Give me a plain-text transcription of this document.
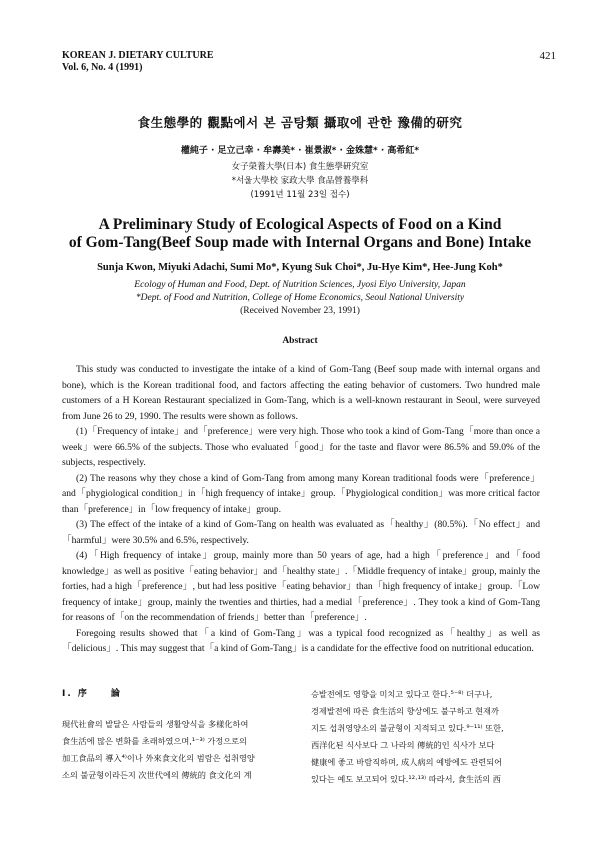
KOREAN J. DIETARY CULTURE
Vol. 6, No. 4 (1991)
421
食生態學的 觀點에서 본 곰탕類 攝取에 관한 豫備的研究
權純子 · 足立己幸 · 牟壽美* · 崔景淑* · 金姝慧* · 高希紅*
女子榮養大學(日本) 食生態學硏究室
*서울大學校 家政大學 食品營養學科
(1991년 11월 23일 접수)
A Preliminary Study of Ecological Aspects of Food on a Kind
of Gom-Tang(Beef Soup made with Internal Organs and Bone) Intake
Sunja Kwon, Miyuki Adachi, Sumi Mo*, Kyung Suk Choi*, Ju-Hye Kim*, Hee-Jung Koh*
Ecology of Human and Food, Dept. of Nutrition Sciences, Jyosi Eiyo University, Japan
*Dept. of Food and Nutrition, College of Home Economics, Seoul National University
(Received November 23, 1991)
Abstract

This study was conducted to investigate the intake of a kind of Gom-Tang (Beef soup made with internal organs and bone), which is the Korean traditional food, and factors affecting the eating behavior of customers. Two hundred male customers of a H Korean Restaurant specialized in Gom-Tang, which is a well-known restaurant in Seoul, were surveyed from June 26 to 29, 1990. The results were shown as follows.

(1)「Frequency of intake」and「preference」were very high. Those who took a kind of Gom-Tang「more than once a week」were 66.5% of the subjects. Those who evaluated「good」for the taste and flavor were 86.5% and 59.0% of the subjects, respectively.

(2) The reasons why they chose a kind of Gom-Tang from among many Korean traditional foods were「preference」and「phygiological condition」in「high frequency of intake」group.「Phygiological condition」was more critical factor than「preference」in「low frequency of intake」group.

(3) The effect of the intake of a kind of Gom-Tang on health was evaluated as「healthy」(80.5%).「No effect」and「harmful」were 30.5% and 6.5%, respectively.

(4)「High frequency of intake」group, mainly more than 50 years of age, had a high「preference」and「food knowledge」as well as positive「eating behavior」and「healthy state」.「Middle frequency of intake」group, mainly the forties, had a high「preference」, but had less positive「eating behavior」than「high frequency of intake」group.「Low frequency of intake」group, mainly the twenties and thirties, had a medial「preference」. They took a kind of Gom-Tang for reasons of「on the recommendation of friends」better than「preference」.

Foregoing results showed that「a kind of Gom-Tang」was a typical food recognized as「healthy」as well as「delicious」. This may suggest that「a kind of Gom-Tang」is a candidate for the effective food on nutritional education.

I. 序　　論

現代社會의 발달은 사람들의 생활양식을 多樣化하여
食生活에 많은 변화를 초래하였으며,¹⁻³⁾ 가정으로의
加工食品의 導入⁴⁾이나 外來食文化의 범람은 섭취영양
소의 불균형이라든지 次世代에의 傳統的 食文化의 계
승발전에도 영향을 미치고 있다고 한다.⁵⁻⁸⁾ 더구나,
경제발전에 따른 食生活의 향상에도 불구하고 현재까
지도 섭취영양소의 불균형이 지적되고 있다.⁹⁻¹¹⁾ 또한,
西洋化된 식사보다 그 나라의 傳統的인 식사가 보다
健康에 좋고 바람직하며, 成人病의 예방에도 관련되어
있다는 예도 보고되어 있다.¹²·¹³⁾ 따라서, 食生活의 西
